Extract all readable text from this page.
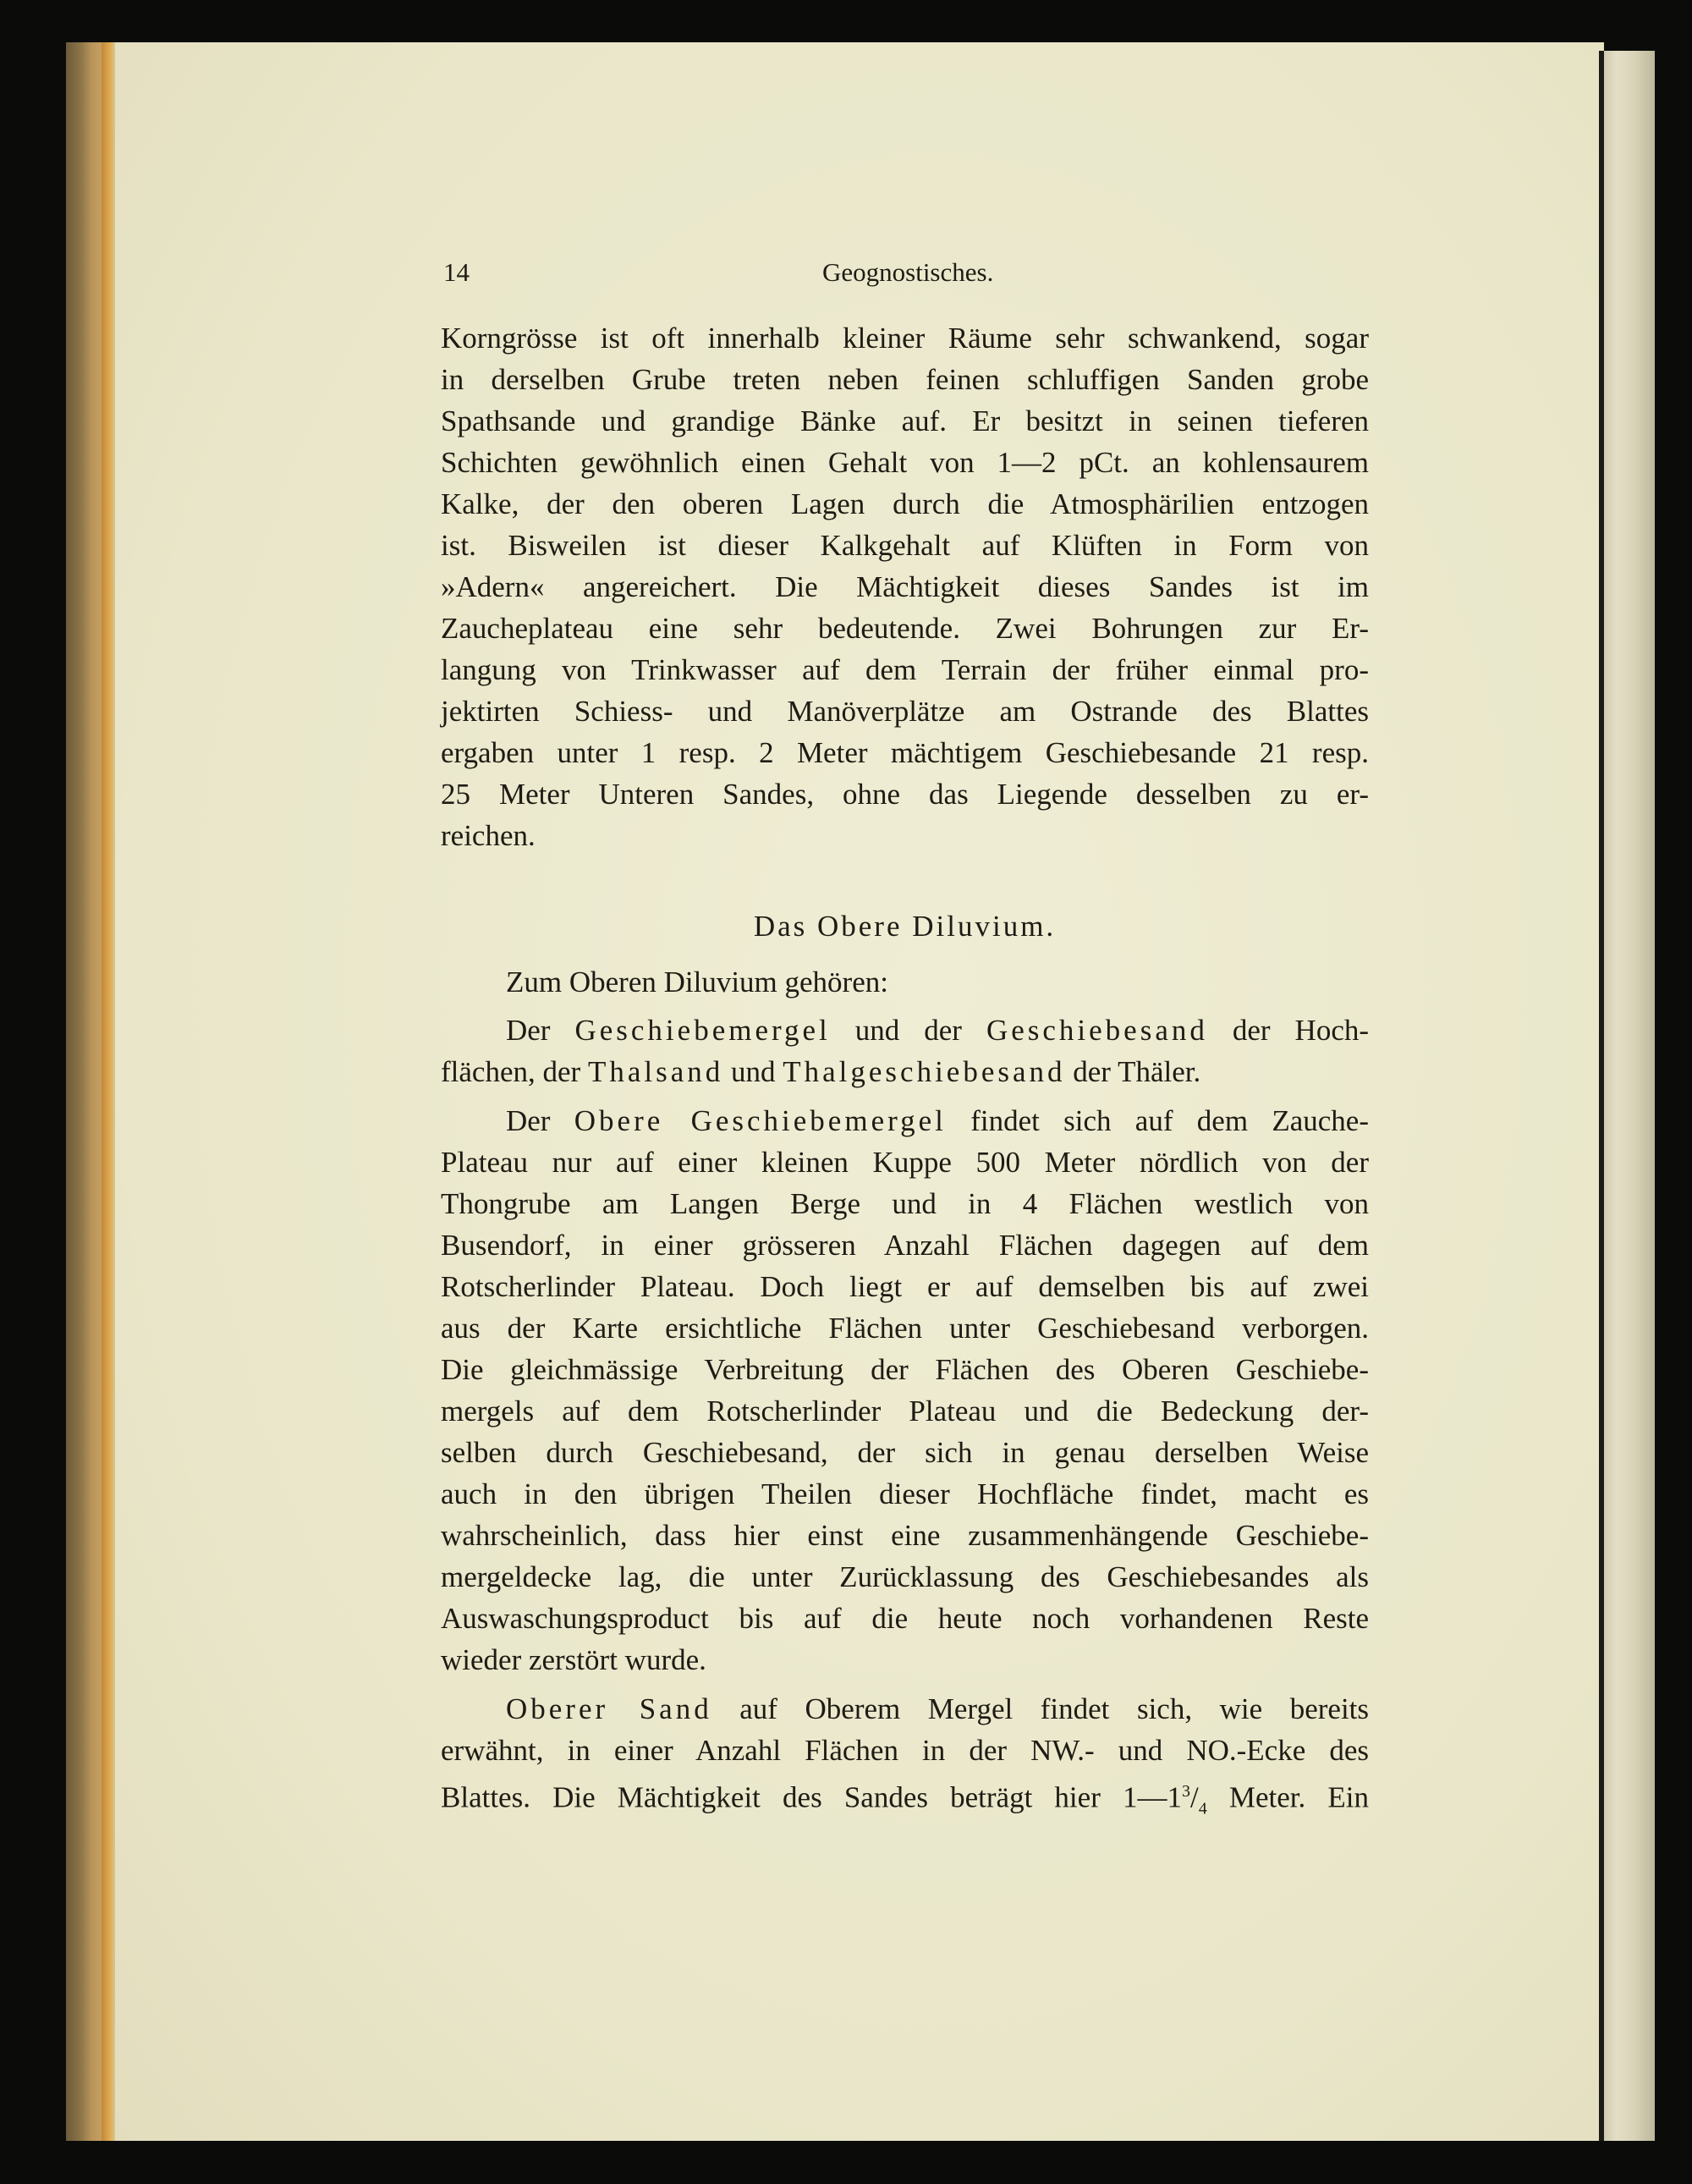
14	Geognostisches.
Korngrösse ist oft innerhalb kleiner Räume sehr schwankend, sogar
in derselben Grube treten neben feinen schluffigen Sanden grobe
Spathsande und grandige Bänke auf. Er besitzt in seinen tieferen
Schichten gewöhnlich einen Gehalt von 1—2 pCt. an kohlensaurem
Kalke, der den oberen Lagen durch die Atmosphärilien entzogen
ist. Bisweilen ist dieser Kalkgehalt auf Klüften in Form von
»Adern« angereichert. Die Mächtigkeit dieses Sandes ist im
Zaucheplateau eine sehr bedeutende. Zwei Bohrungen zur Er-
langung von Trinkwasser auf dem Terrain der früher einmal pro-
jektirten Schiess- und Manöverplätze am Ostrande des Blattes
ergaben unter 1 resp. 2 Meter mächtigem Geschiebesande 21 resp.
25 Meter Unteren Sandes, ohne das Liegende desselben zu er-
reichen.
Das Obere Diluvium.
Zum Oberen Diluvium gehören:
Der Geschiebemergel und der Geschiebesand der Hoch-
flächen, der Thalsand und Thalgeschiebesand der Thäler.
Der Obere Geschiebemergel findet sich auf dem Zauche-
Plateau nur auf einer kleinen Kuppe 500 Meter nördlich von der
Thongrube am Langen Berge und in 4 Flächen westlich von
Busendorf, in einer grösseren Anzahl Flächen dagegen auf dem
Rotscherlinder Plateau. Doch liegt er auf demselben bis auf zwei
aus der Karte ersichtliche Flächen unter Geschiebesand verborgen.
Die gleichmässige Verbreitung der Flächen des Oberen Geschiebe-
mergels auf dem Rotscherlinder Plateau und die Bedeckung der-
selben durch Geschiebesand, der sich in genau derselben Weise
auch in den übrigen Theilen dieser Hochfläche findet, macht es
wahrscheinlich, dass hier einst eine zusammenhängende Geschiebe-
mergeldecke lag, die unter Zurücklassung des Geschiebesandes als
Auswaschungsproduct bis auf die heute noch vorhandenen Reste
wieder zerstört wurde.
Oberer Sand auf Oberem Mergel findet sich, wie bereits
erwähnt, in einer Anzahl Flächen in der NW.- und NO.-Ecke des
Blattes. Die Mächtigkeit des Sandes beträgt hier $1—1^3/_4$ Meter. Ein
